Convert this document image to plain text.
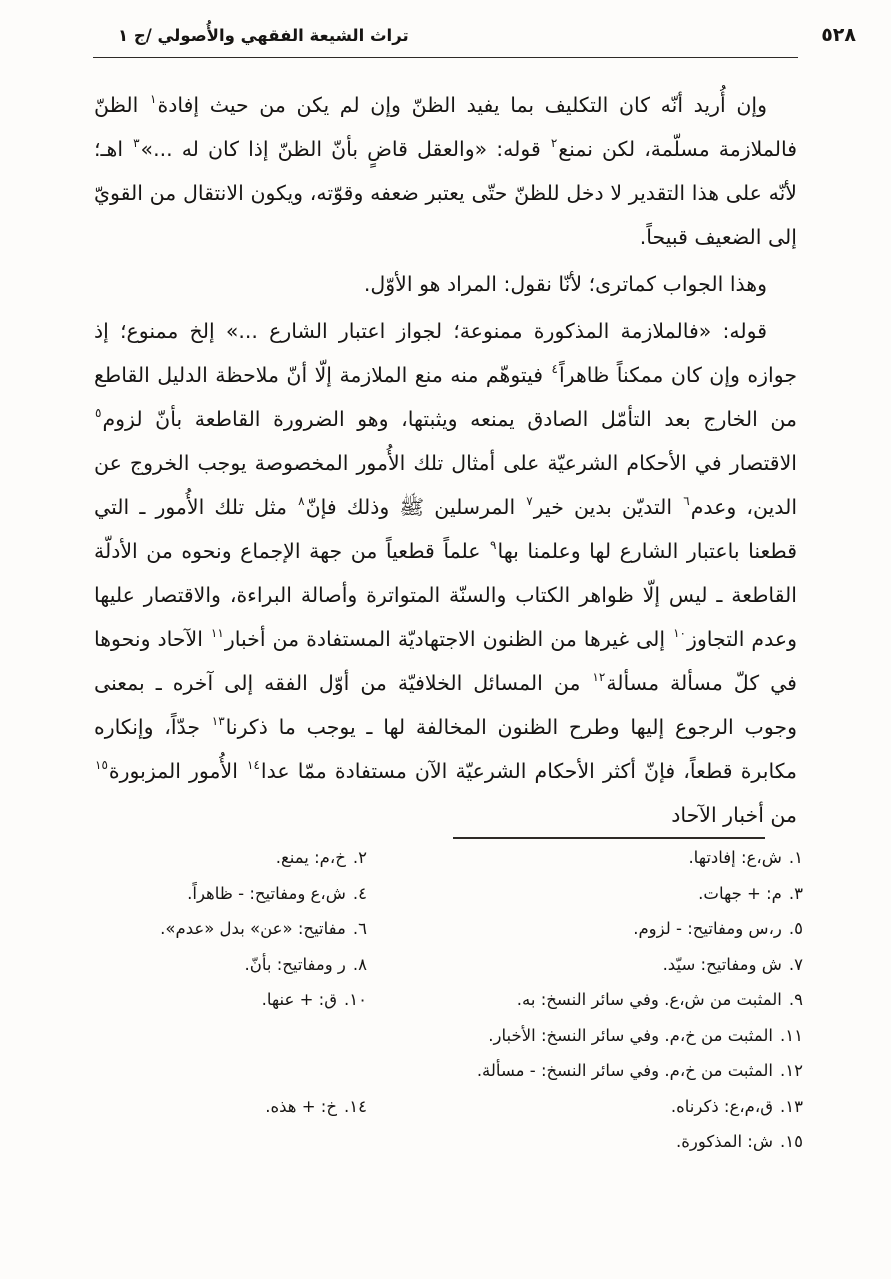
٥٢٨
تراث الشيعة الفقهي والأُصولي /ج ١

وإن أُريد أنّه كان التكليف بما يفيد الظنّ وإن لم يكن من حيث إفادة$^١$ الظنّ فالملازمة مسلّمة، لكن نمنع$^٢$ قوله: «والعقل قاضٍ بأنّ الظنّ إذا كان له ...»$^٣$ اهـ؛ لأنّه على هذا التقدير لا دخل للظنّ حتّى يعتبر ضعفه وقوّته، ويكون الانتقال من القويّ إلى الضعيف قبيحاً.

وهذا الجواب كماترى؛ لأنّا نقول: المراد هو الأوّل.

قوله: «فالملازمة المذكورة ممنوعة؛ لجواز اعتبار الشارع ...» إلخ ممنوع؛ إذ جوازه وإن كان ممكناً ظاهراً$^٤$ فيتوهّم منه منع الملازمة إلّا أنّ ملاحظة الدليل القاطع من الخارج بعد التأمّل الصادق يمنعه ويثبتها، وهو الضرورة القاطعة بأنّ لزوم$^٥$ الاقتصار في الأحكام الشرعيّة على أمثال تلك الأُمور المخصوصة يوجب الخروج عن الدين، وعدم$^٦$ التديّن بدين خير$^٧$ المرسلين ﷺ وذلك فإنّ$^٨$ مثل تلك الأُمور ـ التي قطعنا باعتبار الشارع لها وعلمنا بها$^٩$ علماً قطعياً من جهة الإجماع ونحوه من الأدلّة القاطعة ـ ليس إلّا ظواهر الكتاب والسنّة المتواترة وأصالة البراءة، والاقتصار عليها وعدم التجاوز$^{١٠}$ إلى غيرها من الظنون الاجتهاديّة المستفادة من أخبار$^{١١}$ الآحاد ونحوها في كلّ مسألة مسألة$^{١٢}$ من المسائل الخلافيّة من أوّل الفقه إلى آخره ـ بمعنى وجوب الرجوع إليها وطرح الظنون المخالفة لها ـ يوجب ما ذكرنا$^{١٣}$ جدّاً، وإنكاره مكابرة قطعاً، فإنّ أكثر الأحكام الشرعيّة الآن مستفادة ممّا عدا$^{١٤}$ الأُمور المزبورة$^{١٥}$ من أخبار الآحاد

١.ش،ع: إفادتها.
٢.خ،م: يمنع.
٣.م: + جهات.
٤.ش،ع ومفاتيح: - ظاهراً.
٥.ر،س ومفاتيح: - لزوم.
٦.مفاتيح: «عن» بدل «عدم».
٧.ش ومفاتيح: سيّد.
٨.ر ومفاتيح: بأنّ.
٩.المثبت من ش،ع. وفي سائر النسخ: به.
١٠.ق: + عنها.
١١.المثبت من خ،م. وفي سائر النسخ: الأخبار.
١٢.المثبت من خ،م. وفي سائر النسخ: - مسألة.
١٣.ق،م،ع: ذكرناه.
١٤.خ: + هذه.
١٥.ش: المذكورة.
